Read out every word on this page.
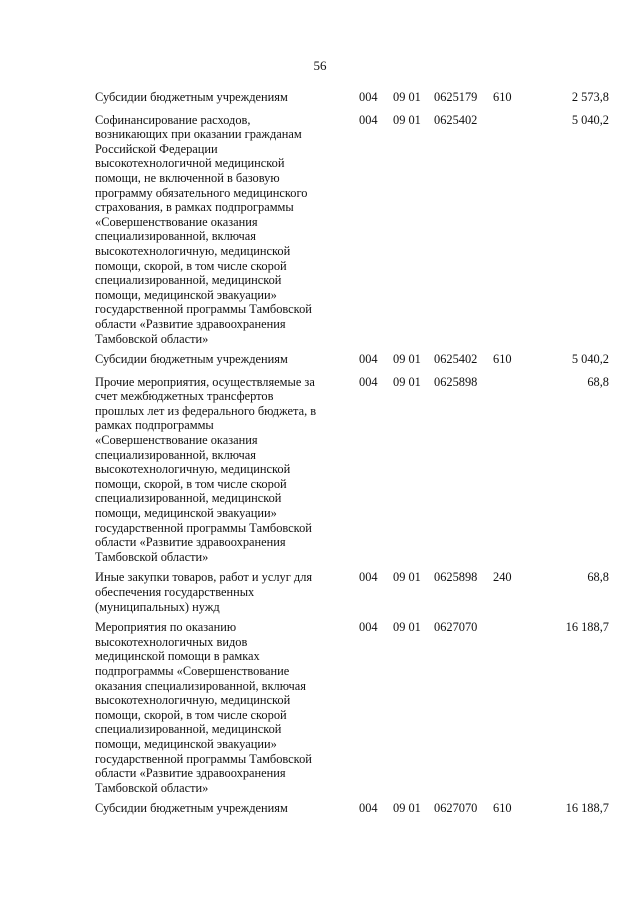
56
Субсидии бюджетным учреждениям	004 09 01 0625179 610	2 573,8
Софинансирование расходов,
возникающих при оказании гражданам
Российской Федерации
высокотехнологичной медицинской
помощи, не включенной в базовую
программу обязательного медицинского
страхования, в рамках подпрограммы
«Совершенствование оказания
специализированной, включая
высокотехнологичную, медицинской
помощи, скорой, в том числе скорой
специализированной, медицинской
помощи, медицинской эвакуации»
государственной программы Тамбовской
области «Развитие здравоохранения
Тамбовской области»
004 09 01 0625402	5 040,2
Субсидии бюджетным учреждениям	004 09 01 0625402 610	5 040,2
Прочие мероприятия, осуществляемые за
счет межбюджетных трансфертов
прошлых лет из федерального бюджета, в
рамках подпрограммы
«Совершенствование оказания
специализированной, включая
высокотехнологичную, медицинской
помощи, скорой, в том числе скорой
специализированной, медицинской
помощи, медицинской эвакуации»
государственной программы Тамбовской
области «Развитие здравоохранения
Тамбовской области»
004 09 01 0625898	68,8
Иные закупки товаров, работ и услуг для
обеспечения государственных
(муниципальных) нужд
004 09 01 0625898 240	68,8
Мероприятия по оказанию
высокотехнологичных видов
медицинской помощи в рамках
подпрограммы «Совершенствование
оказания специализированной, включая
высокотехнологичную, медицинской
помощи, скорой, в том числе скорой
специализированной, медицинской
помощи, медицинской эвакуации»
государственной программы Тамбовской
области «Развитие здравоохранения
Тамбовской области»
004 09 01 0627070	16 188,7
Субсидии бюджетным учреждениям	004 09 01 0627070 610	16 188,7
